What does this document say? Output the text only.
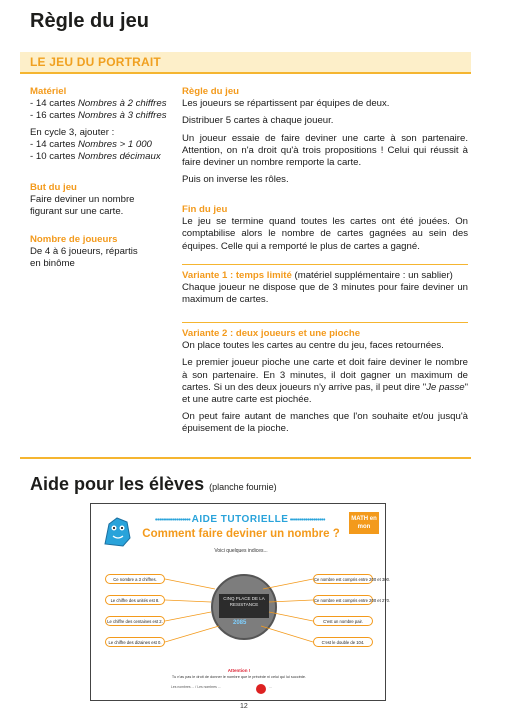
Règle du jeu
LE JEU DU PORTRAIT
Matériel
- 14 cartes Nombres à 2 chiffres
- 16 cartes Nombres à 3 chiffres
En cycle 3, ajouter :
- 14 cartes Nombres > 1 000
- 10 cartes Nombres décimaux
But du jeu
Faire deviner un nombre figurant sur une carte.
Nombre de joueurs
De 4 à 6 joueurs, répartis en binôme
Règle du jeu

Les joueurs se répartissent par équipes de deux.

Distribuer 5 cartes à chaque joueur.

Un joueur essaie de faire deviner une carte à son partenaire. Attention, on n'a droit qu'à trois propositions ! Celui qui réussit à faire deviner un nombre remporte la carte.

Puis on inverse les rôles.

Fin du jeu

Le jeu se termine quand toutes les cartes ont été jouées. On comptabilise alors le nombre de cartes gagnées au sein des équipes. Celle qui a remporté le plus de cartes a gagné.

Variante 1 : temps limité (matériel supplémentaire : un sablier)

Chaque joueur ne dispose que de 3 minutes pour faire deviner un maximum de cartes.

Variante 2 : deux joueurs et une pioche

On place toutes les cartes au centre du jeu, faces retournées.

Le premier joueur pioche une carte et doit faire deviner le nombre à son partenaire. En 3 minutes, il doit gagner un maximum de cartes. Si un des deux joueurs n'y arrive pas, il peut dire "Je passe" et une autre carte est piochée.

On peut faire autant de manches que l'on souhaite et/ou jusqu'à épuisement de la pioche.

Aide pour les élèves (planche fournie)
•••••••••••••••••• AIDE TUTORIELLE ••••••••••••••••••
Comment faire deviner un nombre ?
MATH en mon
Voici quelques indices...
CINQ PLACE DE LA RESISTANCE
2085
Ce nombre a 3 chiffres.
Le chiffre des unités est 8.
Le chiffre des centaines est 2.
Le chiffre des dizaines est 0.
Ce nombre est compris entre 200 et 300.
Ce nombre est compris entre 200 et 270.
C'est un nombre pair.
C'est le double de 104.
Attention !
Tu n'as pas le droit de donner le nombre que le précède ni celui qui lui succède.
Les nombres ... / Les nombres ...	...
12
